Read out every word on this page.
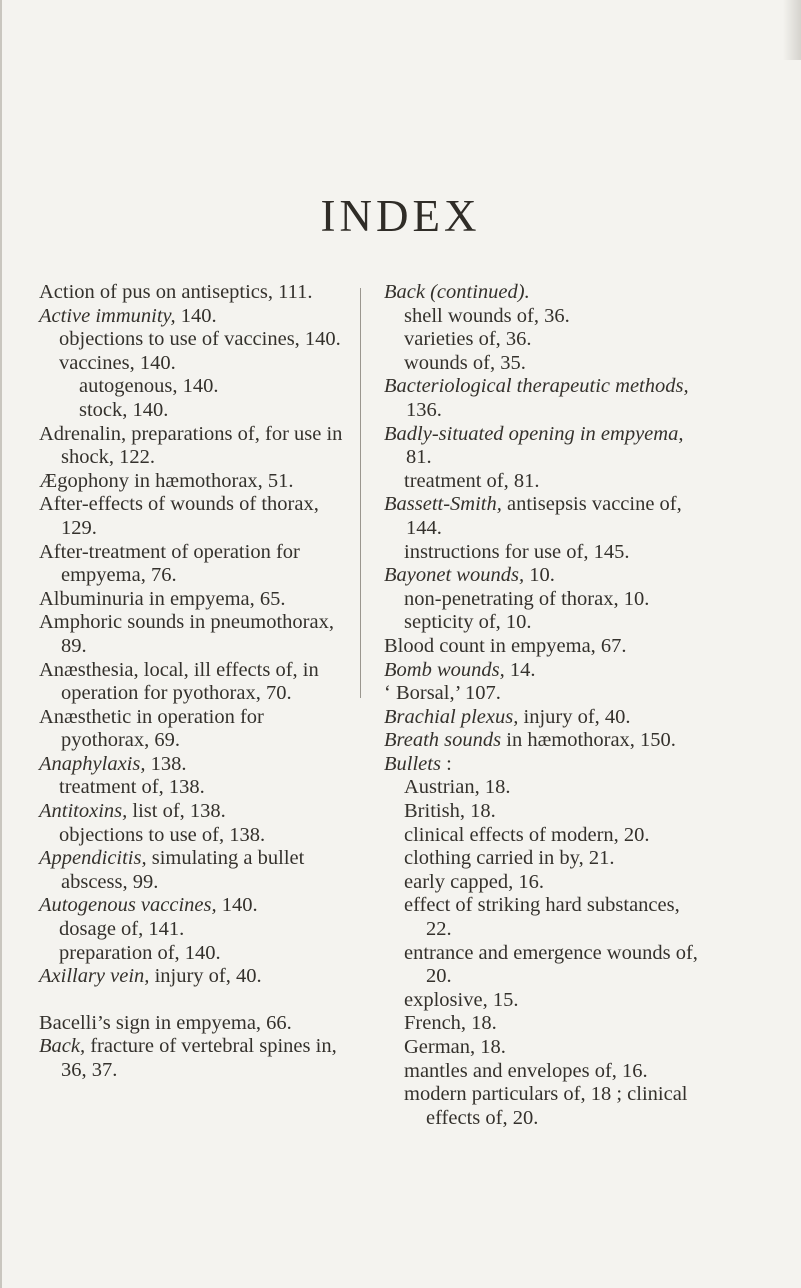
INDEX

Action of pus on antiseptics, 111.

Active immunity, 140.

objections to use of vaccines, 140.

vaccines, 140.

autogenous, 140.

stock, 140.

Adrenalin, preparations of, for use in shock, 122.

Ægophony in hæmothorax, 51.

After-effects of wounds of thorax, 129.

After-treatment of operation for empyema, 76.

Albuminuria in empyema, 65.

Amphoric sounds in pneumothorax, 89.

Anæsthesia, local, ill effects of, in operation for pyothorax, 70.

Anæsthetic in operation for pyothorax, 69.

Anaphylaxis, 138.

treatment of, 138.

Antitoxins, list of, 138.

objections to use of, 138.

Appendicitis, simulating a bullet abscess, 99.

Autogenous vaccines, 140.

dosage of, 141.

preparation of, 140.

Axillary vein, injury of, 40.

Bacelli’s sign in empyema, 66.

Back, fracture of vertebral spines in, 36, 37.

Back (continued).

shell wounds of, 36.

varieties of, 36.

wounds of, 35.

Bacteriological therapeutic methods, 136.

Badly-situated opening in empyema, 81.

treatment of, 81.

Bassett-Smith, antisepsis vaccine of, 144.

instructions for use of, 145.

Bayonet wounds, 10.

non-penetrating of thorax, 10.

septicity of, 10.

Blood count in empyema, 67.

Bomb wounds, 14.

‘ Borsal,’ 107.

Brachial plexus, injury of, 40.

Breath sounds in hæmothorax, 150.

Bullets :

Austrian, 18.

British, 18.

clinical effects of modern, 20.

clothing carried in by, 21.

early capped, 16.

effect of striking hard substances, 22.

entrance and emergence wounds of, 20.

explosive, 15.

French, 18.

German, 18.

mantles and envelopes of, 16.

modern particulars of, 18 ; clinical effects of, 20.
